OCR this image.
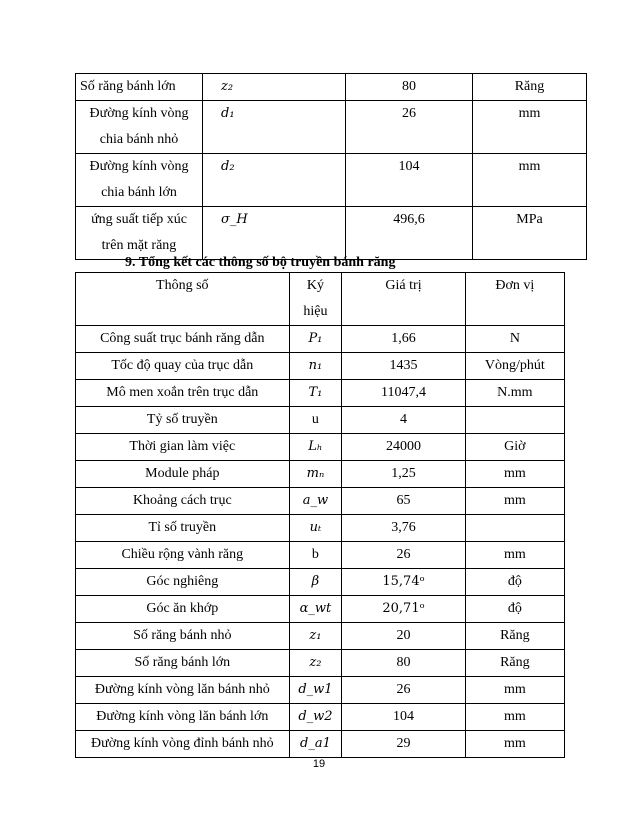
Số răng bánh lớn	z₂	80	Răng
Đường kính vòng chia bánh nhỏ	d₁	26	mm
Đường kính vòng chia bánh lớn	d₂	104	mm
ứng suất tiếp xúc trên mặt răng	σ_H	496,6	MPa
9. Tổng kết các thông số bộ truyền bánh răng
Thông số	Ký hiệu	Giá trị	Đơn vị
Công suất trục bánh răng dẫn	P₁	1,66	N
Tốc độ quay của trục dẫn	n₁	1435	Vòng/phút
Mô men xoắn trên trục dẫn	T₁	11047,4	N.mm
Tỷ số truyền	u	4	
Thời gian làm việc	Lₕ	24000	Giờ
Module pháp	mₙ	1,25	mm
Khoảng cách trục	a_w	65	mm
Tỉ số truyền	uₜ	3,76	
Chiều rộng vành răng	b	26	mm
Góc nghiêng	β	15,74ᵒ	độ
Góc ăn khớp	α_wt	20,71ᵒ	độ
Số răng bánh nhỏ	z₁	20	Răng
Số răng bánh lớn	z₂	80	Răng
Đường kính vòng lăn bánh nhỏ	d_w1	26	mm
Đường kính vòng lăn bánh lớn	d_w2	104	mm
Đường kính vòng đỉnh bánh nhỏ	d_a1	29	mm
19
